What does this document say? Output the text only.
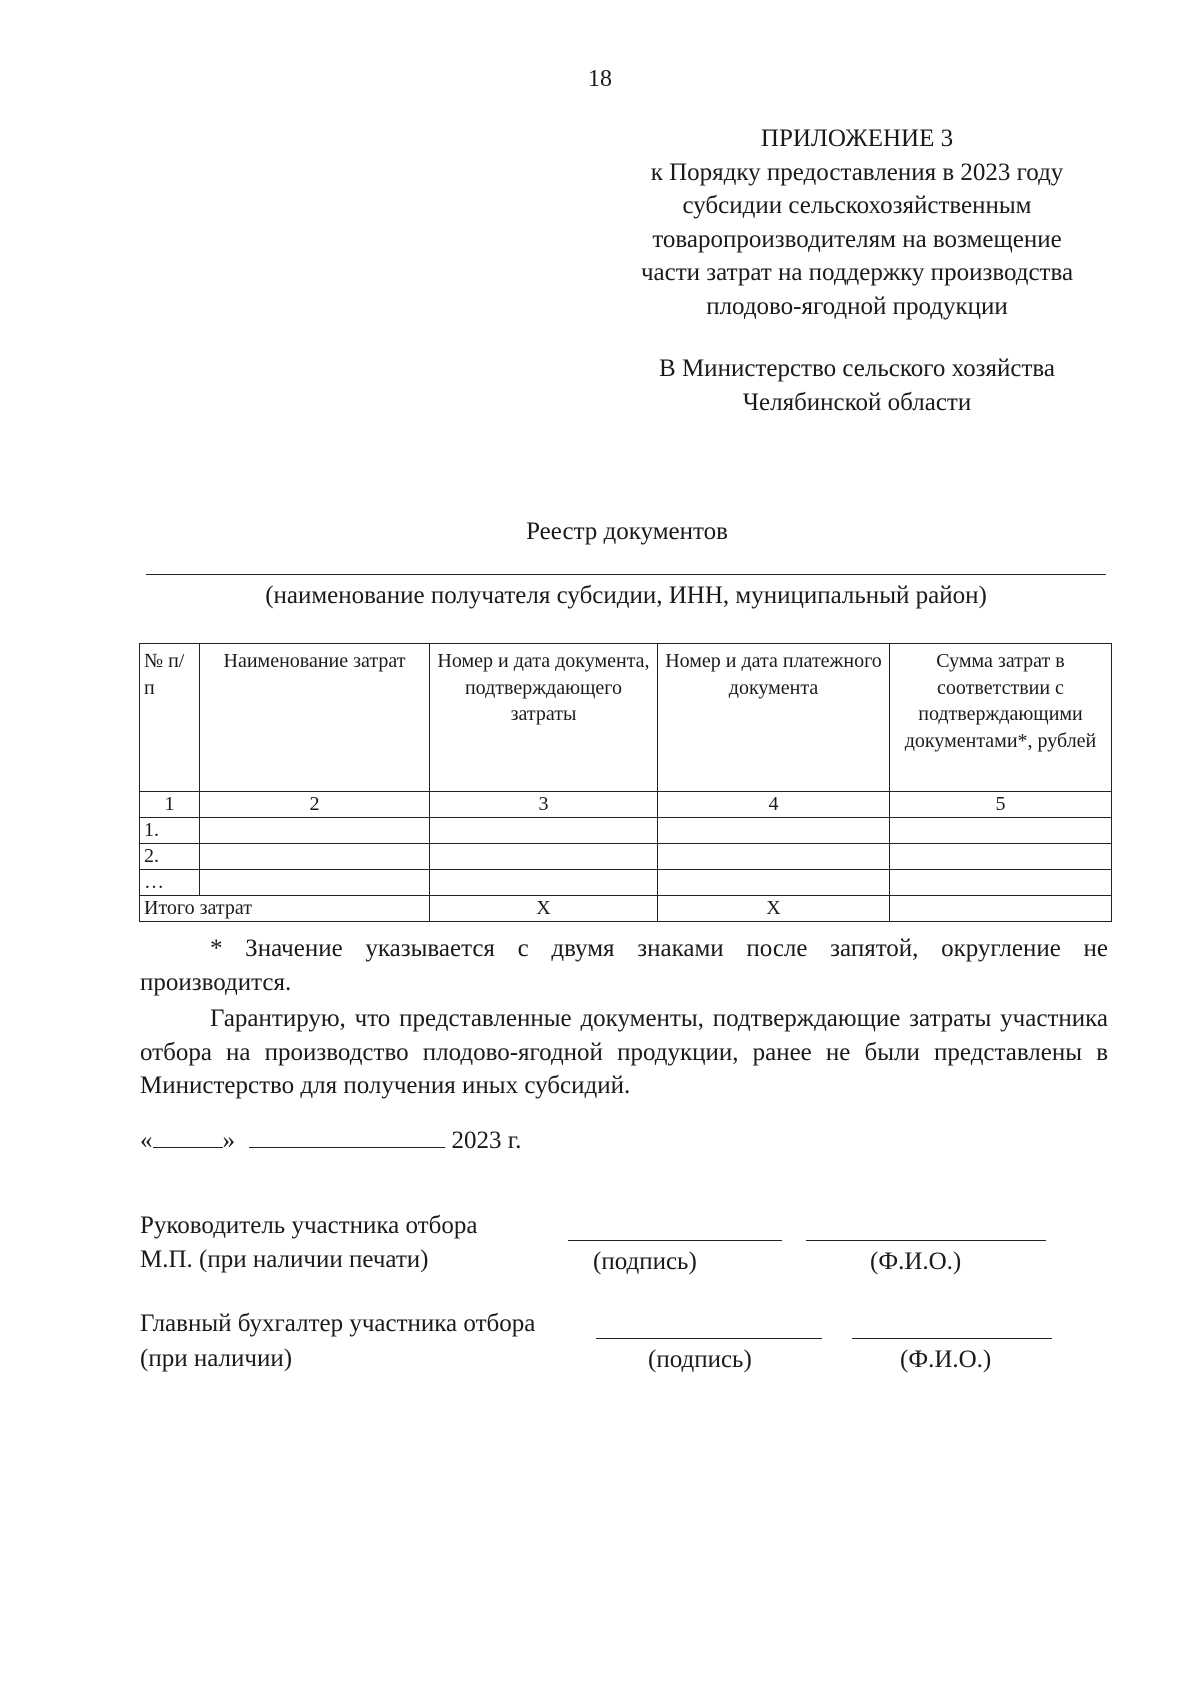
18
ПРИЛОЖЕНИЕ 3
к Порядку предоставления в 2023 году
субсидии сельскохозяйственным
товаропроизводителям на возмещение
части затрат на поддержку производства
плодово-ягодной продукции
В Министерство сельского хозяйства
Челябинской области
Реестр документов
(наименование получателя субсидии, ИНН, муниципальный район)
№ п/п	Наименование затрат	Номер и дата документа, подтверждающего затраты	Номер и дата платежного документа	Сумма затрат в соответствии с подтверждающими документами*, рублей
1	2	3	4	5
1.				
2.				
…				
Итого затрат		Х	Х	

* Значение указывается с двумя знаками после запятой, округление не производится.

Гарантирую, что представленные документы, подтверждающие затраты участника отбора на производство плодово-ягодной продукции, ранее не были представлены в Министерство для получения иных субсидий.

«	»	2023 г.
Руководитель участника отбора
М.П. (при наличии печати)	(подпись)	(Ф.И.О.)
Главный бухгалтер участника отбора
(при наличии)	(подпись)	(Ф.И.О.)
